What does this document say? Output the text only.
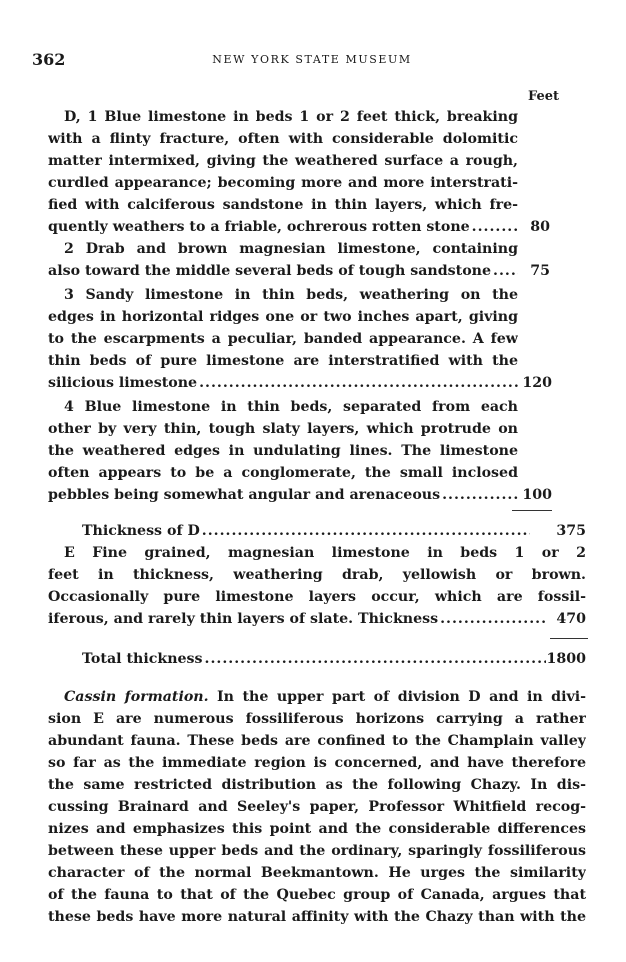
362	NEW YORK STATE MUSEUM
Feet
D, 1 Blue limestone in beds 1 or 2 feet thick, breaking
with a flinty fracture, often with considerable dolomitic
matter intermixed, giving the weathered surface a rough,
curdled appearance; becoming more and more interstrati-
fied with calciferous sandstone in thin layers, which fre-
quently weathers to a friable, ochrerous rotten stone .....	80
2 Drab and brown magnesian limestone, containing
also toward the middle several beds of tough sandstone .....	75
3 Sandy limestone in thin beds, weathering on the
edges in horizontal ridges one or two inches apart, giving
to the escarpments a peculiar, banded appearance. A few
thin beds of pure limestone are interstratified with the
silicious limestone .....	120
4 Blue limestone in thin beds, separated from each
other by very thin, tough slaty layers, which protrude on
the weathered edges in undulating lines. The limestone
often appears to be a conglomerate, the small inclosed
pebbles being somewhat angular and arenaceous .....	100
Thickness of D .....	375
E Fine grained, magnesian limestone in beds 1 or 2
feet in thickness, weathering drab, yellowish or brown.
Occasionally pure limestone layers occur, which are fossil-
iferous, and rarely thin layers of slate. Thickness .....	470
Total thickness .....	1800
Cassin formation. In the upper part of division D and in divi-
sion E are numerous fossiliferous horizons carrying a rather
abundant fauna. These beds are confined to the Champlain valley
so far as the immediate region is concerned, and have therefore
the same restricted distribution as the following Chazy. In dis-
cussing Brainard and Seeley's paper, Professor Whitfield recog-
nizes and emphasizes this point and the considerable differences
between these upper beds and the ordinary, sparingly fossiliferous
character of the normal Beekmantown. He urges the similarity
of the fauna to that of the Quebec group of Canada, argues that
these beds have more natural affinity with the Chazy than with the
